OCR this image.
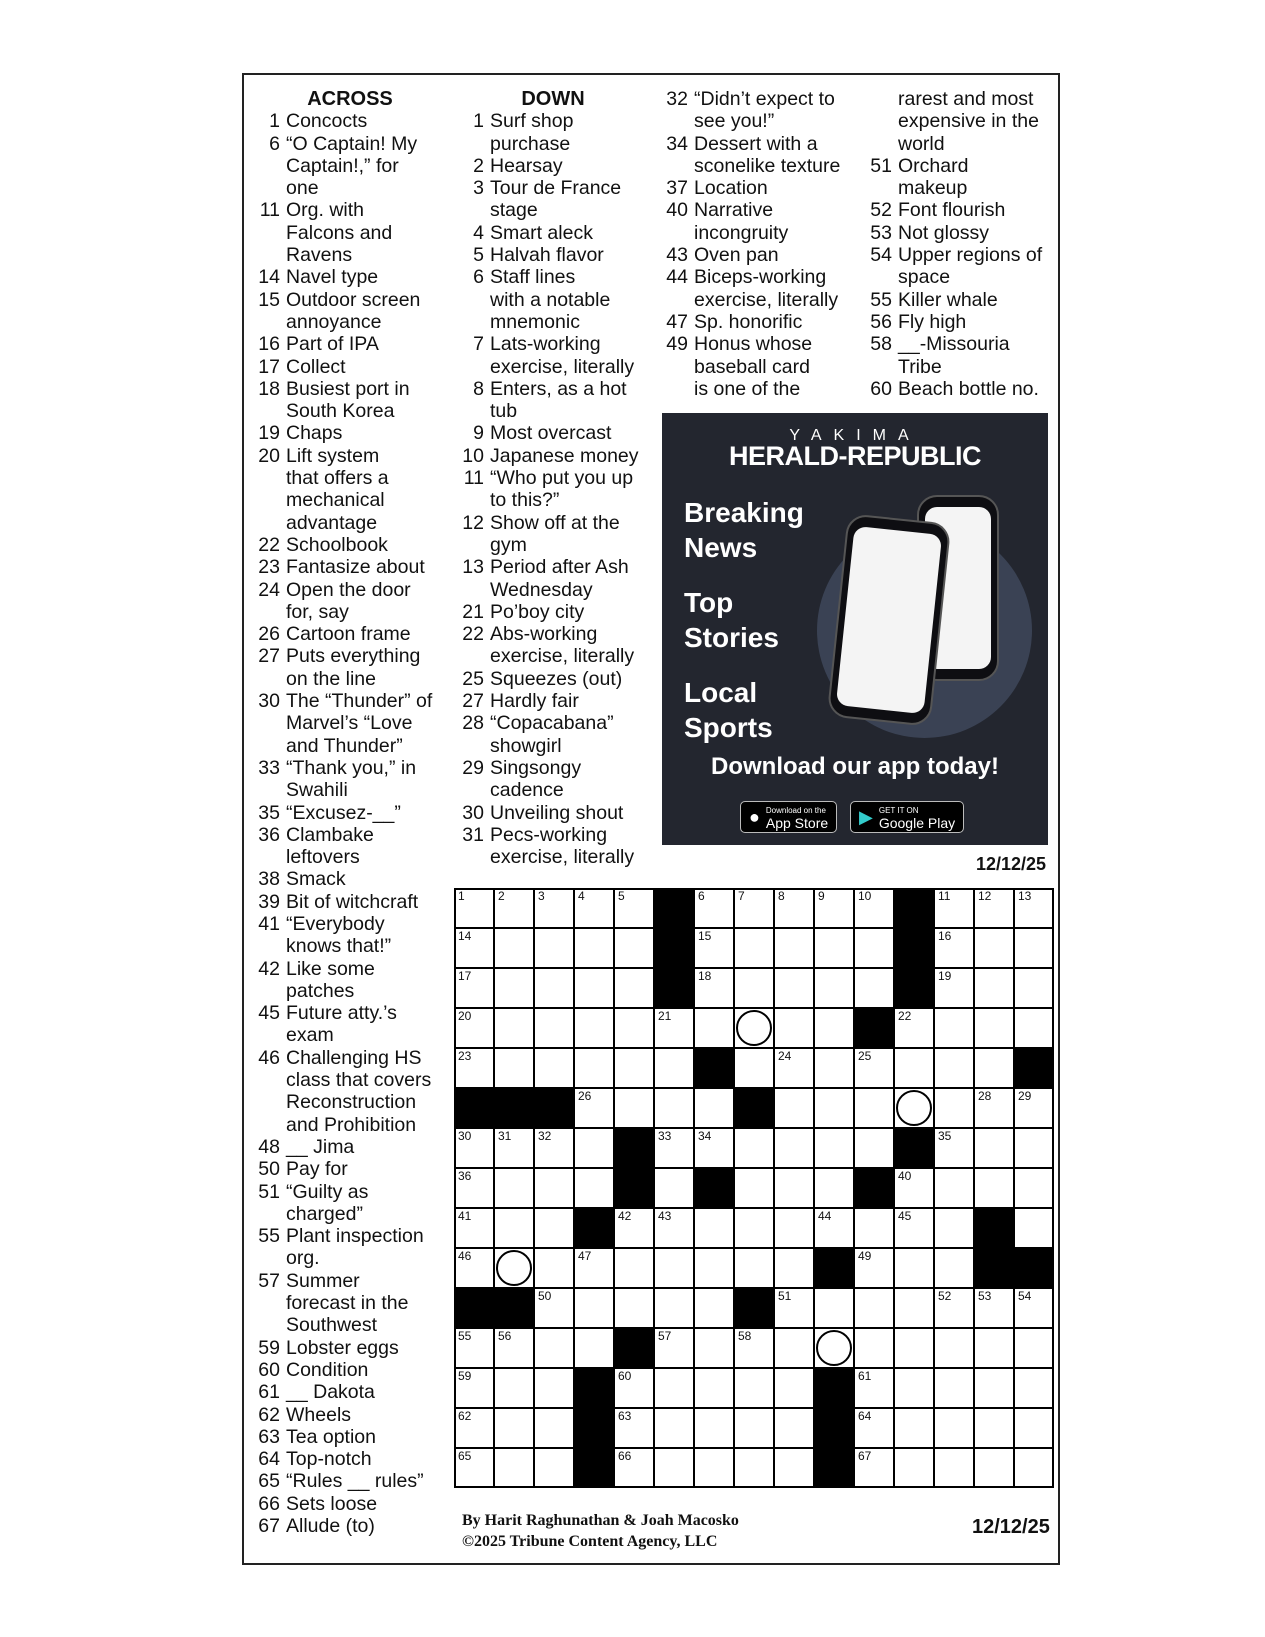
ACROSS
1 Concocts
6 “O Captain! My
Captain!,” for
one
11 Org. with
Falcons and
Ravens
14 Navel type
15 Outdoor screen
annoyance
16 Part of IPA
17 Collect
18 Busiest port in
South Korea
19 Chaps
20 Lift system
that offers a
mechanical
advantage
22 Schoolbook
23 Fantasize about
24 Open the door
for, say
26 Cartoon frame
27 Puts everything
on the line
30 The “Thunder” of
Marvel’s “Love
and Thunder”
33 “Thank you,” in
Swahili
35 “Excusez-__”
36 Clambake
leftovers
38 Smack
39 Bit of witchcraft
41 “Everybody
knows that!”
42 Like some
patches
45 Future atty.’s
exam
46 Challenging HS
class that covers
Reconstruction
and Prohibition
48 __ Jima
50 Pay for
51 “Guilty as
charged”
55 Plant inspection
org.
57 Summer
forecast in the
Southwest
59 Lobster eggs
60 Condition
61 __ Dakota
62 Wheels
63 Tea option
64 Top-notch
65 “Rules __ rules”
66 Sets loose
67 Allude (to)
DOWN
1 Surf shop
purchase
2 Hearsay
3 Tour de France
stage
4 Smart aleck
5 Halvah flavor
6 Staff lines
with a notable
mnemonic
7 Lats-working
exercise, literally
8 Enters, as a hot
tub
9 Most overcast
10 Japanese money
11 “Who put you up
to this?”
12 Show off at the
gym
13 Period after Ash
Wednesday
21 Po’boy city
22 Abs-working
exercise, literally
25 Squeezes (out)
27 Hardly fair
28 “Copacabana”
showgirl
29 Singsongy
cadence
30 Unveiling shout
31 Pecs-working
exercise, literally
32 “Didn’t expect to
see you!”
34 Dessert with a
sconelike texture
37 Location
40 Narrative
incongruity
43 Oven pan
44 Biceps-working
exercise, literally
47 Sp. honorific
49 Honus whose
baseball card
is one of the
rarest and most
expensive in the
world
51 Orchard
makeup
52 Font flourish
53 Not glossy
54 Upper regions of
space
55 Killer whale
56 Fly high
58 __-Missouria
Tribe
60 Beach bottle no.
YAKIMA
HERALD-REPUBLIC
Breaking
News
Top
Stories
Local
Sports
Download our app today!
● Download on the
App Store ▶ GET IT ON
Google Play
12/12/25
1	2	3	4	5	6	7	8	9	10	11 12 13
14	15	16
17	18	19
20	21	22
23	24	25
26	28 29
30 31 32	33 34	35
36	40
41	42 43	44	45
46	47	49
50	51	52 53 54
55 56	57	58
59	60	61
62	63	64
65	66	67
By Harit Raghunathan & Joah Macosko
©2025 Tribune Content Agency, LLC
12/12/25
